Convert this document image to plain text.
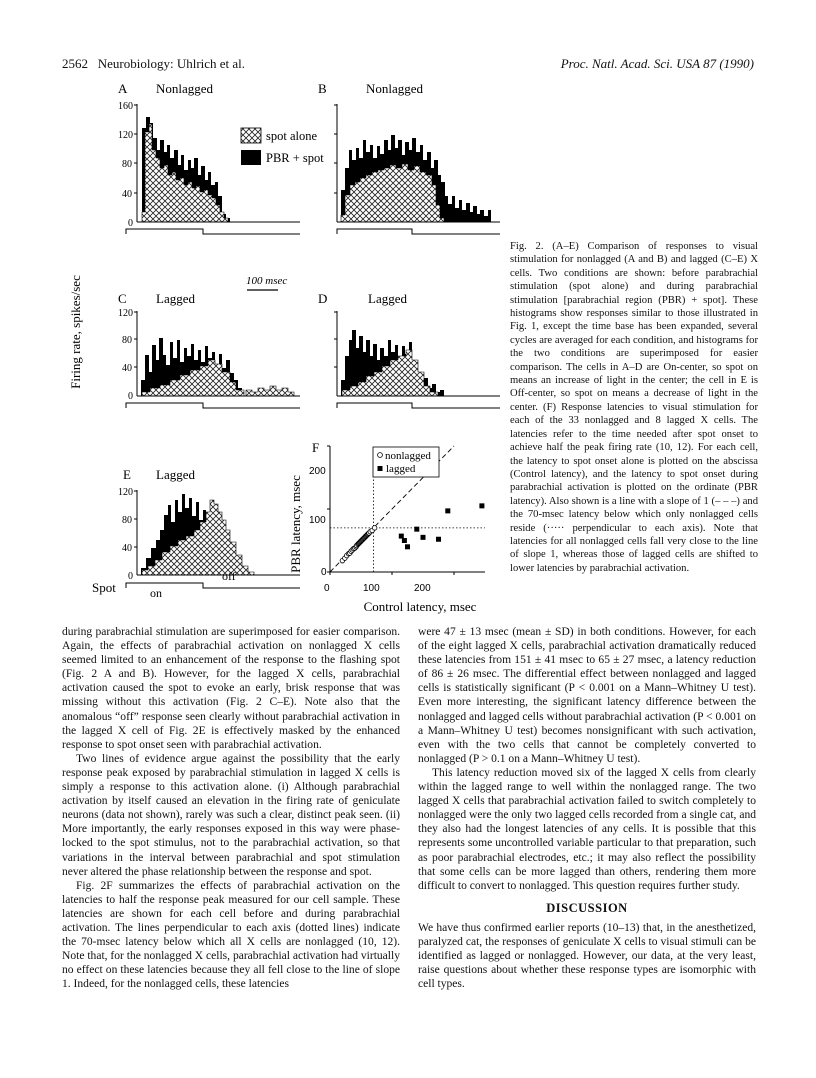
2562 Neurobiology: Uhlrich et al.	Proc. Natl. Acad. Sci. USA 87 (1990)
Firing rate, spikes/sec
A Nonlagged
160
120
80
40
0
spot alone
PBR + spot
B	Nonlagged
100 msec
C Lagged
120
80
40
0
D	Lagged
E Lagged
120
80
40
0
Spot	on
off
F
PBR latency, msec
Control latency, msec
200
100
0
0	100	200
nonlagged
lagged
Fig. 2. (A–E) Comparison of responses to visual stimulation for nonlagged (A and B) and lagged (C–E) X cells. Two conditions are shown: before parabrachial stimulation (spot alone) and during parabrachial stimulation [parabrachial region (PBR) + spot]. These histograms show responses similar to those illustrated in Fig. 1, except the time base has been expanded, several cycles are averaged for each condition, and histograms for the two conditions are superimposed for easier comparison. The cells in A–D are On-center, so spot on means an increase of light in the center; the cell in E is Off-center, so spot on means a decrease of light in the center. (F) Response latencies to visual stimulation for each of the 33 nonlagged and 8 lagged X cells. The latencies refer to the time needed after spot onset to achieve half the peak firing rate (10, 12). For each cell, the latency to spot onset alone is plotted on the abscissa (Control latency), and the latency to spot onset during parabrachial activation is plotted on the ordinate (PBR latency). Also shown is a line with a slope of 1 (– – –) and the 70-msec latency below which only nonlagged cells reside (····· perpendicular to each axis). Note that latencies for all nonlagged cells fall very close to the line of slope 1, whereas those of lagged cells are shifted to lower latencies by parabrachial activation.

during parabrachial stimulation are superimposed for easier comparison. Again, the effects of parabrachial activation on nonlagged X cells seemed limited to an enhancement of the response to the flashing spot (Fig. 2 A and B). However, for the lagged X cells, parabrachial activation caused the spot to evoke an early, brisk response that was missing without this activation (Fig. 2 C–E). Note also that the anomalous “off” response seen clearly without parabrachial activation in the lagged X cell of Fig. 2E is effectively masked by the enhanced response to spot onset seen with parabrachial activation.

Two lines of evidence argue against the possibility that the early response peak exposed by parabrachial stimulation in lagged X cells is simply a response to this activation alone. (i) Although parabrachial activation by itself caused an elevation in the firing rate of geniculate neurons (data not shown), rarely was such a clear, distinct peak seen. (ii) More importantly, the early responses exposed in this way were phase-locked to the spot stimulus, not to the parabrachial activation, so that variations in the interval between parabrachial and spot stimulation never altered the phase relationship between the response and spot.

Fig. 2F summarizes the effects of parabrachial activation on the latencies to half the response peak measured for our cell sample. These latencies are shown for each cell before and during parabrachial activation. The lines perpendicular to each axis (dotted lines) indicate the 70-msec latency below which all X cells are nonlagged (10, 12). Note that, for the nonlagged X cells, parabrachial activation had virtually no effect on these latencies because they all fell close to the line of slope 1. Indeed, for the nonlagged cells, these latencies

were 47 ± 13 msec (mean ± SD) in both conditions. However, for each of the eight lagged X cells, parabrachial activation dramatically reduced these latencies from 151 ± 41 msec to 65 ± 27 msec, a latency reduction of 86 ± 26 msec. The differential effect between nonlagged and lagged cells is statistically significant (P < 0.001 on a Mann–Whitney U test). Even more interesting, the significant latency difference between the nonlagged and lagged cells without parabrachial activation (P < 0.001 on a Mann–Whitney U test) becomes nonsignificant with such activation, even with the two cells that cannot be completely converted to nonlagged (P > 0.1 on a Mann–Whitney U test).

This latency reduction moved six of the lagged X cells from clearly within the lagged range to well within the nonlagged range. The two lagged X cells that parabrachial activation failed to switch completely to nonlagged were the only two lagged cells recorded from a single cat, and they also had the longest latencies of any cells. It is possible that this represents some uncontrolled variable particular to that preparation, such as poor parabrachial electrodes, etc.; it may also reflect the possibility that some cells can be more lagged than others, rendering them more difficult to convert to nonlagged. This question requires further study.

DISCUSSION

We have thus confirmed earlier reports (10–13) that, in the anesthetized, paralyzed cat, the responses of geniculate X cells to visual stimuli can be identified as lagged or nonlagged. However, our data, at the very least, raise questions about whether these response types are isomorphic with cell types.
